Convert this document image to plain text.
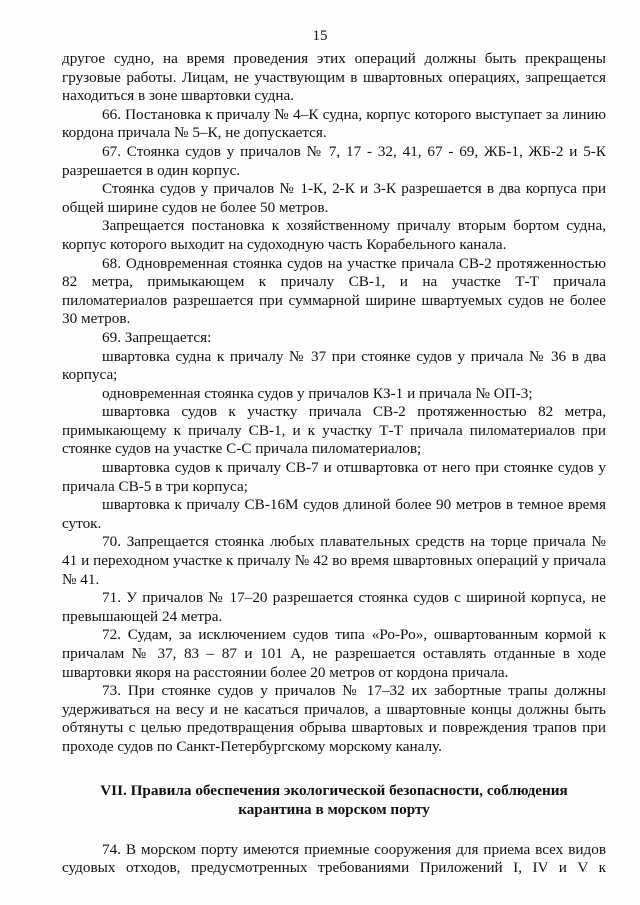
15

другое судно, на время проведения этих операций должны быть прекращены грузовые работы. Лицам, не участвующим в швартовных операциях, запрещается находиться в зоне швартовки судна.

66. Постановка к причалу № 4–К судна, корпус которого выступает за линию кордона причала № 5–К, не допускается.

67. Стоянка судов у причалов № 7, 17 - 32, 41, 67 - 69, ЖБ-1, ЖБ-2 и 5-К разрешается в один корпус.

Стоянка судов у причалов № 1-К, 2-К и 3-К разрешается в два корпуса при общей ширине судов не более 50 метров.

Запрещается постановка к хозяйственному причалу вторым бортом судна, корпус которого выходит на судоходную часть Корабельного канала.

68. Одновременная стоянка судов на участке причала СВ-2 протяженностью 82 метра, примыкающем к причалу СВ-1, и на участке Т-Т причала пиломатериалов разрешается при суммарной ширине швартуемых судов не более 30 метров.

69. Запрещается:

швартовка судна к причалу № 37 при стоянке судов у причала № 36 в два корпуса;

одновременная стоянка судов у причалов КЗ-1 и причала № ОП-3;

швартовка судов к участку причала СВ-2 протяженностью 82 метра, примыкающему к причалу СВ-1, и к участку Т-Т причала пиломатериалов при стоянке судов на участке С-С причала пиломатериалов;

швартовка судов к причалу СВ-7 и отшвартовка от него при стоянке судов у причала СВ-5 в три корпуса;

швартовка к причалу СВ-16М судов длиной более 90 метров в темное время суток.

70. Запрещается стоянка любых плавательных средств на торце причала № 41 и переходном участке к причалу № 42 во время швартовных операций у причала № 41.

71. У причалов № 17–20 разрешается стоянка судов с шириной корпуса, не превышающей 24 метра.

72. Судам, за исключением судов типа «Ро-Ро», ошвартованным кормой к причалам № 37, 83 – 87 и 101 А, не разрешается оставлять отданные в ходе швартовки якоря на расстоянии более 20 метров от кордона причала.

73. При стоянке судов у причалов № 17–32 их забортные трапы должны удерживаться на весу и не касаться причалов, а швартовные концы должны быть обтянуты с целью предотвращения обрыва швартовых и повреждения трапов при проходе судов по Санкт-Петербургскому морскому каналу.

VII. Правила обеспечения экологической безопасности, соблюдения карантина в морском порту

74. В морском порту имеются приемные сооружения для приема всех видов судовых отходов, предусмотренных требованиями Приложений I, IV и V к
